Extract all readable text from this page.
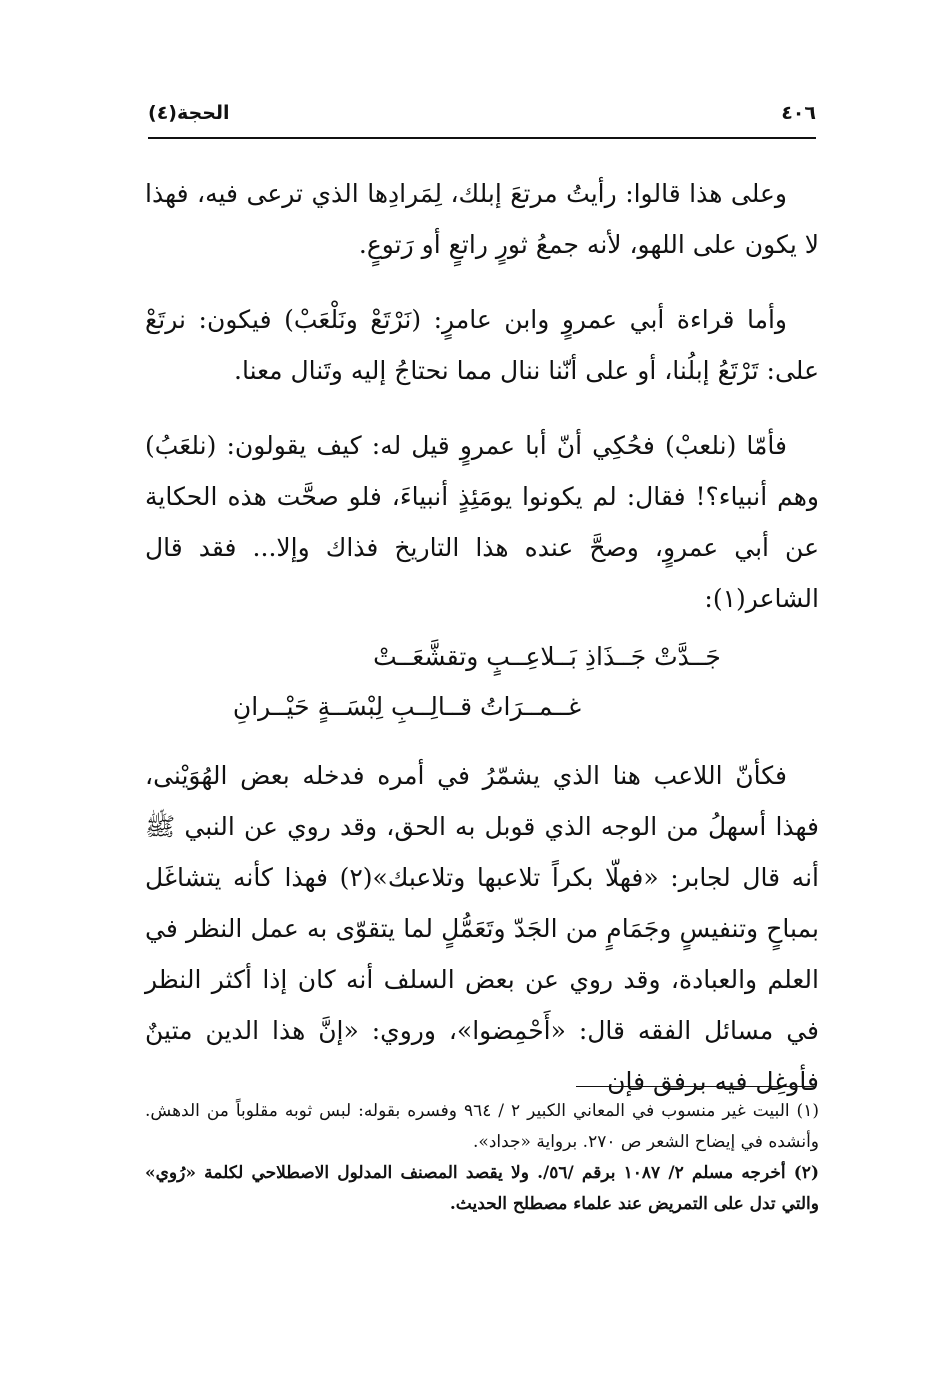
٤٠٦
الحجة(٤)

وعلى هذا قالوا: رأيتُ مرتعَ إبلك، لِمَرادِها الذي ترعى فيه، فهذا لا يكون على اللهو، لأنه جمعُ ثورٍ راتعٍ أو رَتوعٍ.

وأما قراءة أبي عمروٍ وابن عامرٍ: (نَرْتَعْ ونَلْعَبْ) فيكون: نرتَعْ على: تَرْتَعُ إبلُنا، أو على أنّنا ننال مما نحتاجُ إليه وتَنال معنا.

فأمّا (نلعبْ) فحُكِي أنّ أبا عمروٍ قيل له: كيف يقولون: (نلعَبُ) وهم أنبياء؟! فقال: لم يكونوا يومَئِذٍ أنبياءَ، فلو صحَّت هذه الحكاية عن أبي عمروٍ، وصحَّ عنده هذا التاريخ فذاك وإلا... فقد قال الشاعر(١):

جَــدَّتْ جَــذَاذِ بَــلاعِــبٍ وتقشَّعَــتْ

غــمــرَاتُ قــالِــبِ لِبْسَــةٍ حَيْــرانِ

فكأنّ اللاعب هنا الذي يشمّرُ في أمره فدخله بعض الهُوَيْنى، فهذا أسهلُ من الوجه الذي قوبل به الحق، وقد روي عن النبي ﷺ أنه قال لجابر: «فهلّا بكراً تلاعبها وتلاعبك»(٢) فهذا كأنه يتشاغَل بمباحٍ وتنفيسٍ وجَمَامٍ من الجَدّ وتَعَمُّلٍ لما يتقوّى به عمل النظر في العلم والعبادة، وقد روي عن بعض السلف أنه كان إذا أكثر النظر في مسائل الفقه قال: «أَحْمِضوا»، وروي: «إنَّ هذا الدين متينٌ فأوغِل فيه برفق فإن

(١) البيت غير منسوب في المعاني الكبير ٢ / ٩٦٤ وفسره بقوله: لبس ثوبه مقلوباً من الدهش. وأنشده في إيضاح الشعر ص ٢٧٠. برواية «جداد».

(٢) أخرجه مسلم ٢/ ١٠٨٧ برقم /٥٦/. ولا يقصد المصنف المدلول الاصطلاحي لكلمة «رُوي» والتي تدل على التمريض عند علماء مصطلح الحديث.
